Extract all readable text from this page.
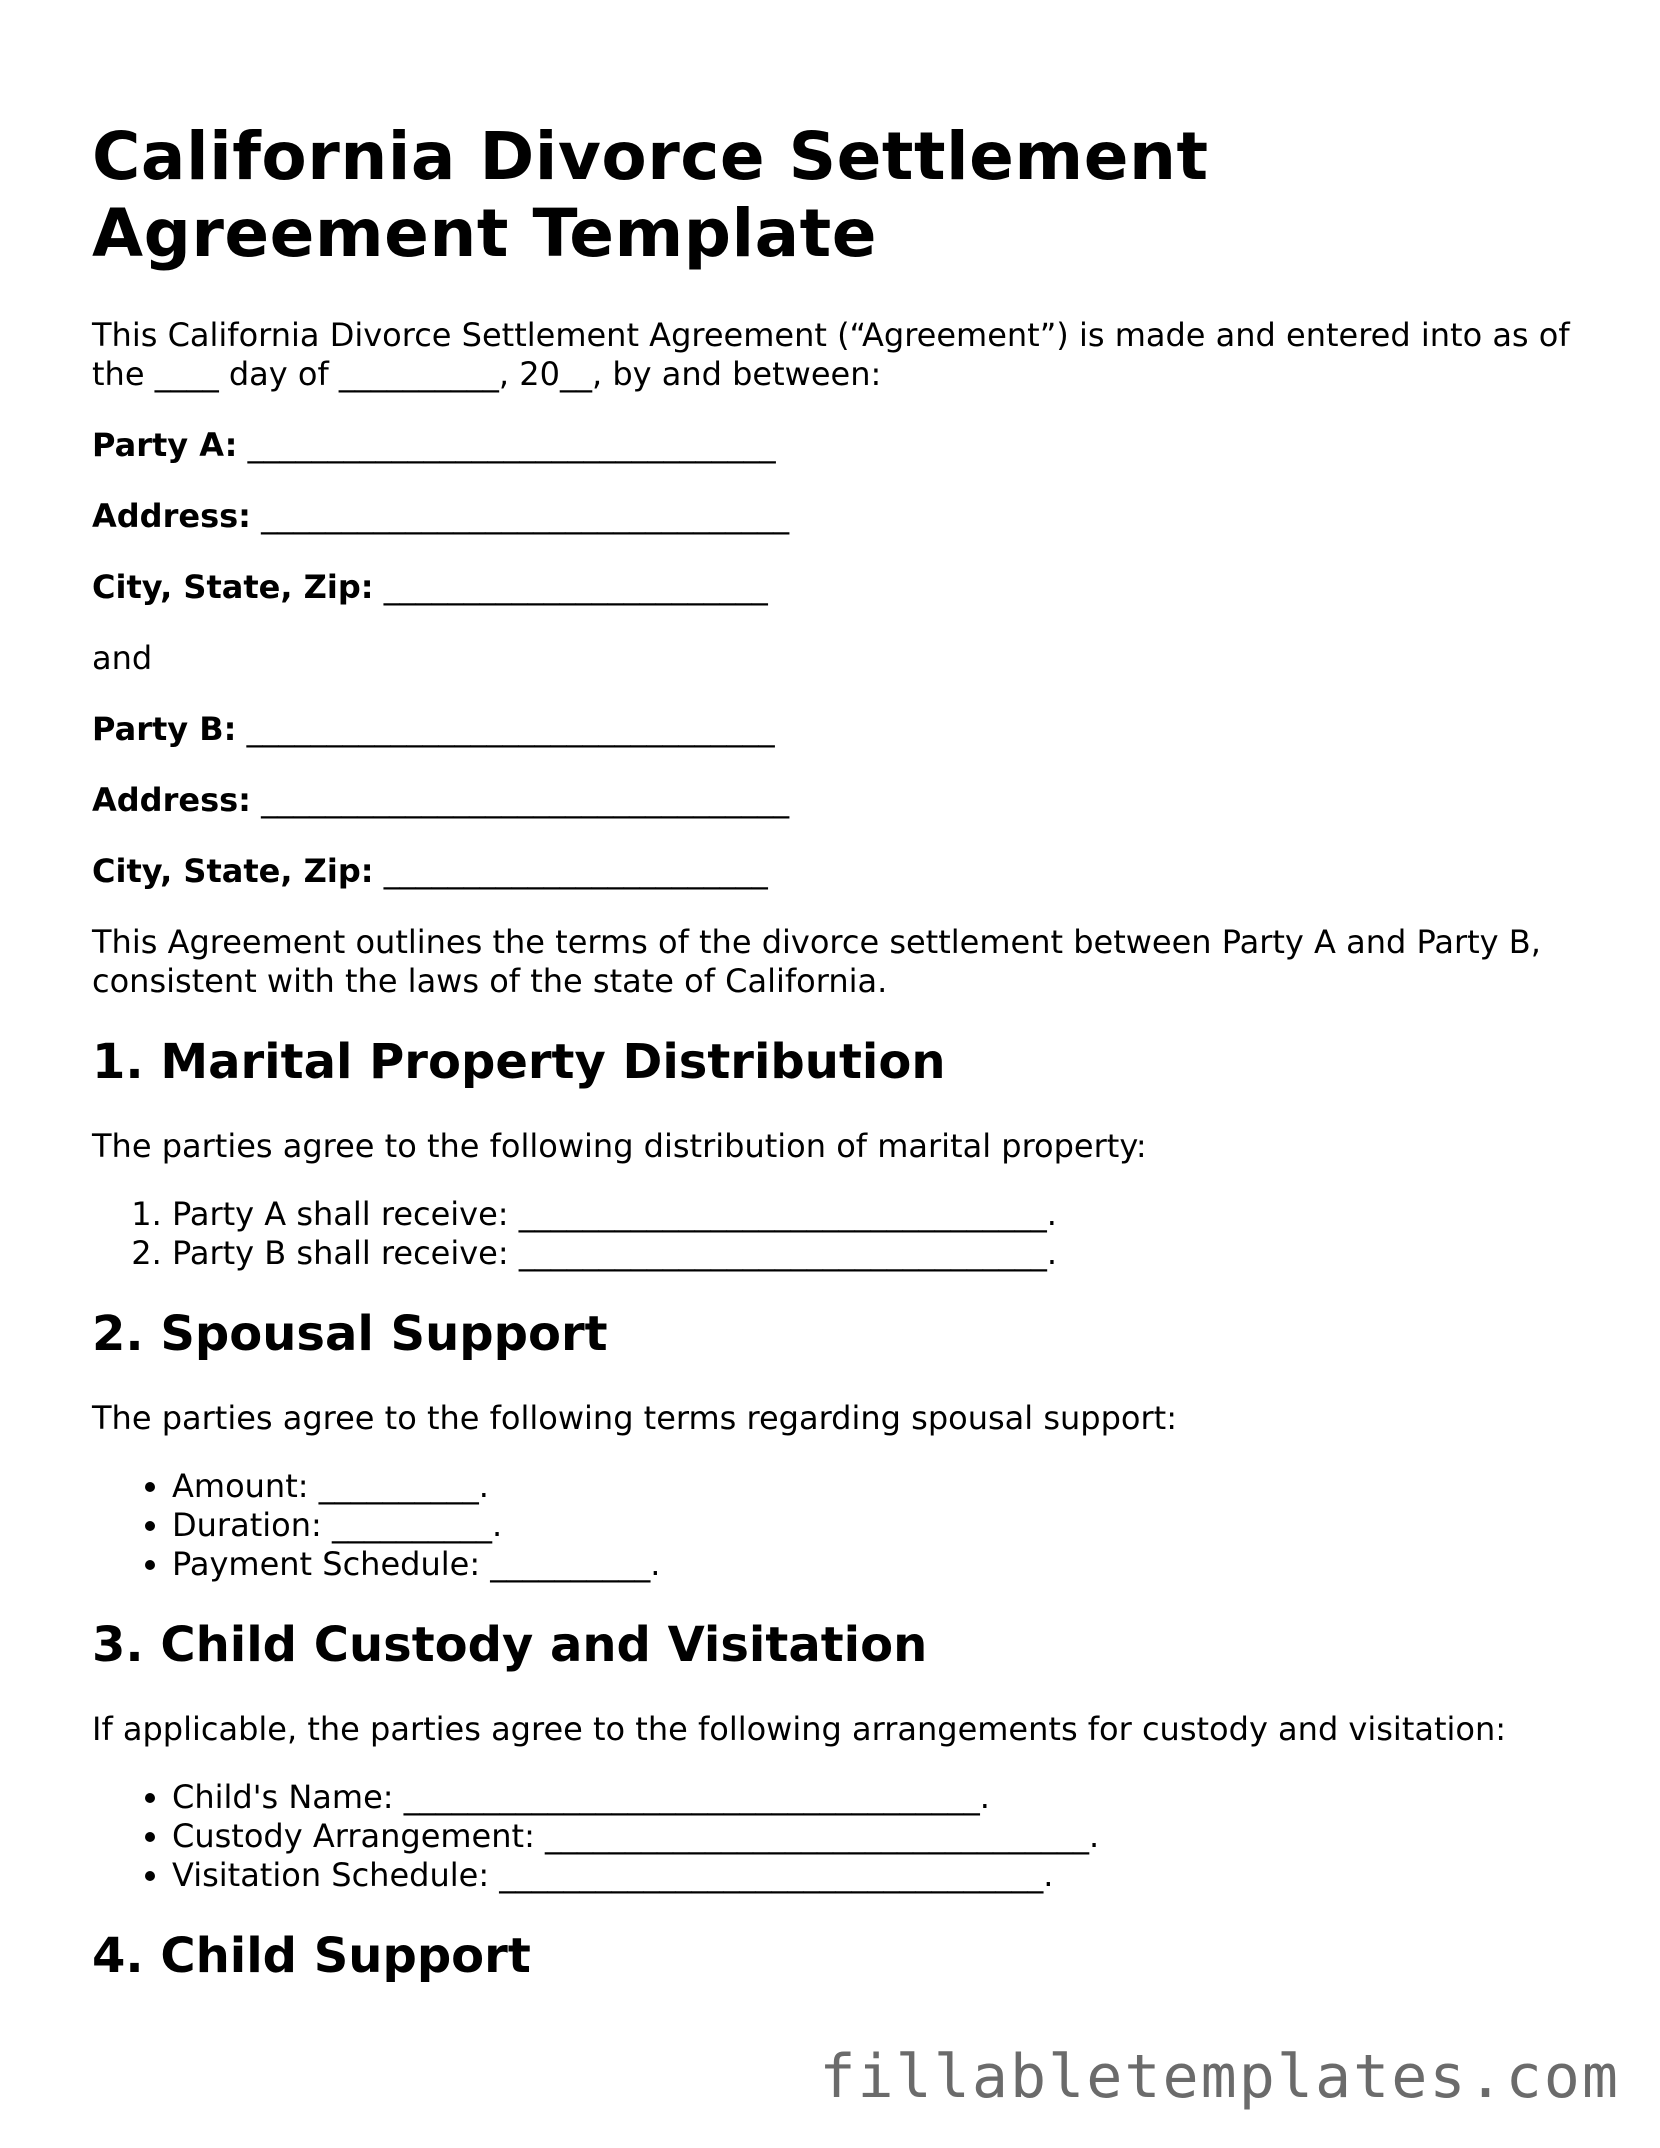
California Divorce Settlement Agreement Template

This California Divorce Settlement Agreement (“Agreement”) is made and entered into as of the ____ day of __________, 20__, by and between:

Party A: _________________________________
Address: _________________________________
City, State, Zip: ________________________

and

Party B: _________________________________
Address: _________________________________
City, State, Zip: ________________________

This Agreement outlines the terms of the divorce settlement between Party A and Party B, consistent with the laws of the state of California.

1. Marital Property Distribution

The parties agree to the following distribution of marital property:

1. Party A shall receive: _________________________________.
2. Party B shall receive: _________________________________.
2. Spousal Support

The parties agree to the following terms regarding spousal support:

• Amount: __________.
• Duration: __________.
• Payment Schedule: __________.
3. Child Custody and Visitation

If applicable, the parties agree to the following arrangements for custody and visitation:

• Child's Name: ____________________________________.
• Custody Arrangement: __________________________________.
• Visitation Schedule: __________________________________.
4. Child Support
fillabletemplates.com
